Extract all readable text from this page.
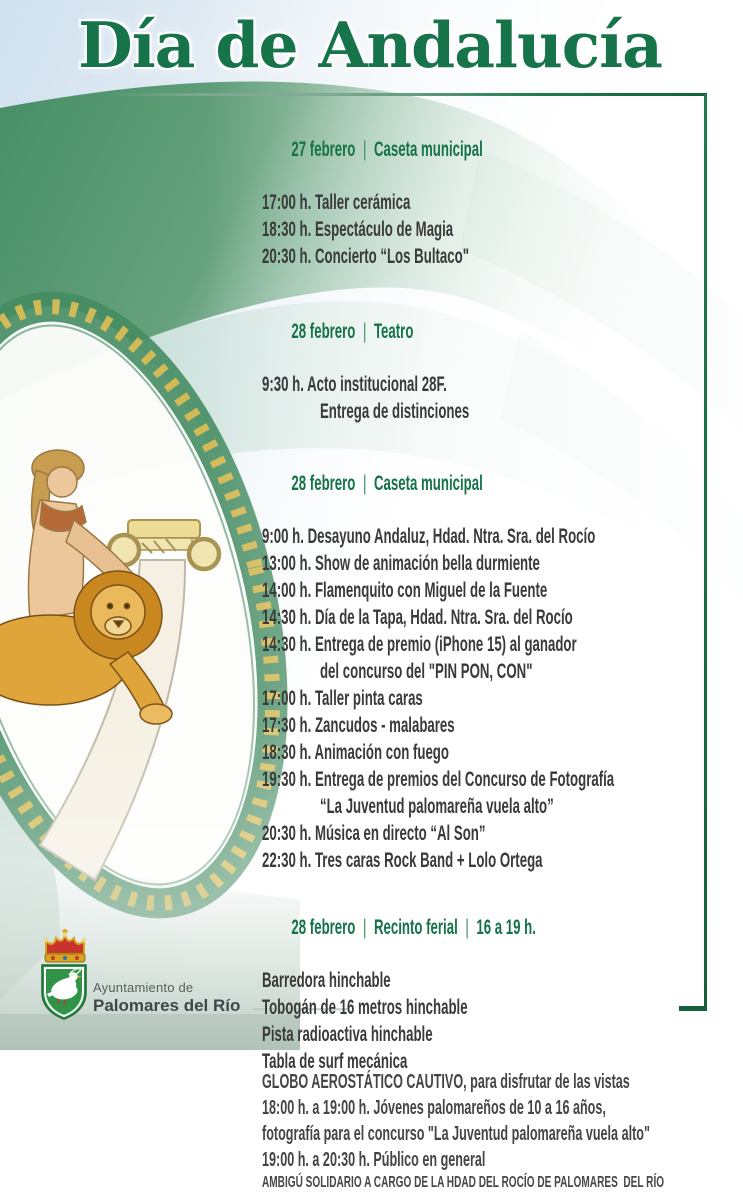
Día de Andalucía

27 febrero | Caseta municipal

17:00 h. Taller cerámica
18:30 h. Espectáculo de Magia
20:30 h. Concierto “Los Bultaco"

28 febrero | Teatro

9:30 h. Acto institucional 28F.
Entrega de distinciones

28 febrero | Caseta municipal

9:00 h. Desayuno Andaluz, Hdad. Ntra. Sra. del Rocío
13:00 h. Show de animación bella durmiente
14:00 h. Flamenquito con Miguel de la Fuente
14:30 h. Día de la Tapa, Hdad. Ntra. Sra. del Rocío
14:30 h. Entrega de premio (iPhone 15) al ganador
del concurso del "PIN PON, CON"
17:00 h. Taller pinta caras
17:30 h. Zancudos - malabares
18:30 h. Animación con fuego
19:30 h. Entrega de premios del Concurso de Fotografía
“La Juventud palomareña vuela alto”
20:30 h. Música en directo “Al Son”
22:30 h. Tres caras Rock Band + Lolo Ortega

28 febrero | Recinto ferial | 16 a 19 h.

Barredora hinchable
Tobogán de 16 metros hinchable
Pista radioactiva hinchable
Tabla de surf mecánica
GLOBO AEROSTÁTICO CAUTIVO, para disfrutar de las vistas
18:00 h. a 19:00 h. Jóvenes palomareños de 10 a 16 años,
fotografía para el concurso "La Juventud palomareña vuela alto"
19:00 h. a 20:30 h. Público en general
AMBIGÚ SOLIDARIO A CARGO DE LA HDAD DEL ROCÍO DE PALOMARES  DEL RÍO
Ayuntamiento de
Palomares del Río
